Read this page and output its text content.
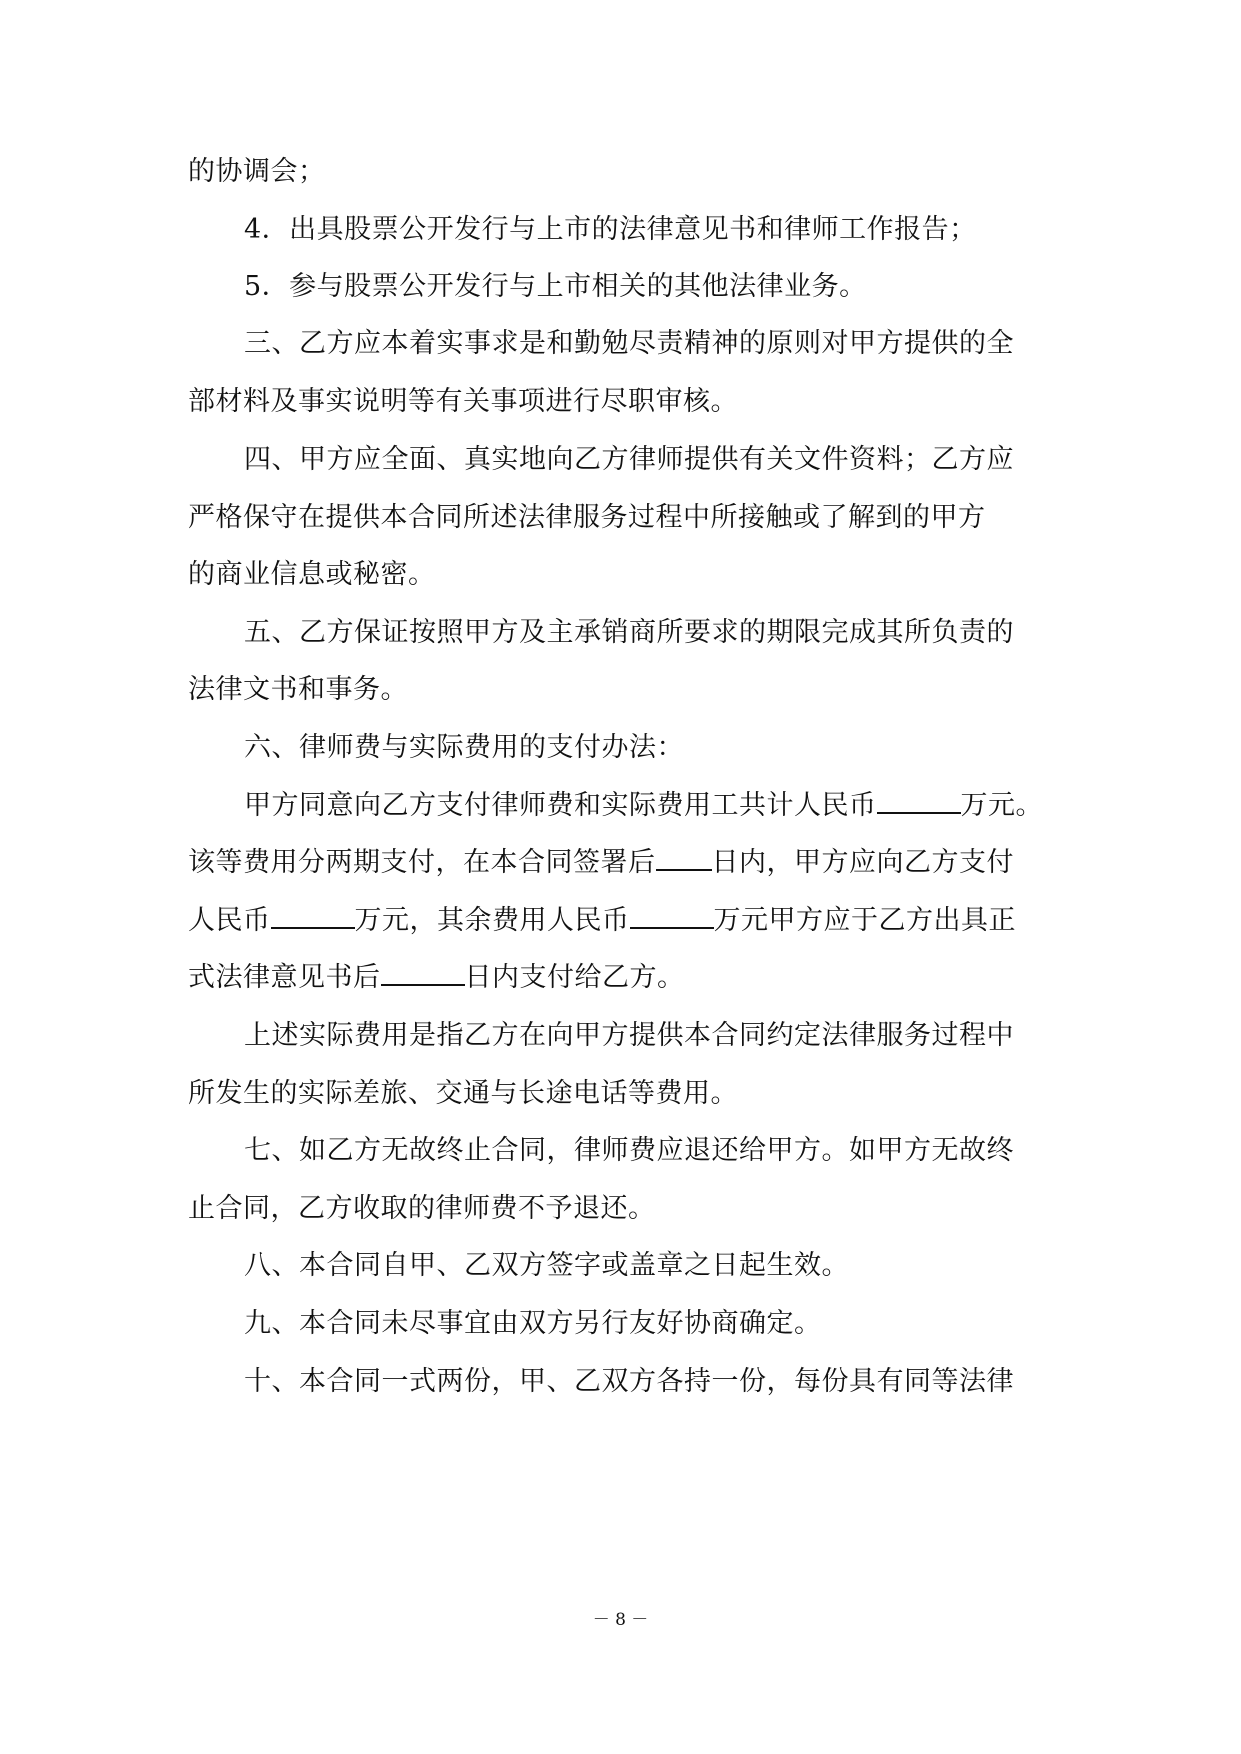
的协调会；
4．出具股票公开发行与上市的法律意见书和律师工作报告；
5．参与股票公开发行与上市相关的其他法律业务。
三、乙方应本着实事求是和勤勉尽责精神的原则对甲方提供的全
部材料及事实说明等有关事项进行尽职审核。
四、甲方应全面、真实地向乙方律师提供有关文件资料；乙方应
严格保守在提供本合同所述法律服务过程中所接触或了解到的甲方
的商业信息或秘密。
五、乙方保证按照甲方及主承销商所要求的期限完成其所负责的
法律文书和事务。
六、律师费与实际费用的支付办法：
甲方同意向乙方支付律师费和实际费用工共计人民币	万元。
该等费用分两期支付，在本合同签署后 日内，甲方应向乙方支付
人民币	万元，其余费用人民币	万元甲方应于乙方出具正
式法律意见书后	日内支付给乙方。
上述实际费用是指乙方在向甲方提供本合同约定法律服务过程中
所发生的实际差旅、交通与长途电话等费用。
七、如乙方无故终止合同，律师费应退还给甲方。如甲方无故终
止合同，乙方收取的律师费不予退还。
八、本合同自甲、乙双方签字或盖章之日起生效。
九、本合同未尽事宜由双方另行友好协商确定。
十、本合同一式两份，甲、乙双方各持一份，每份具有同等法律
－ 8 －
